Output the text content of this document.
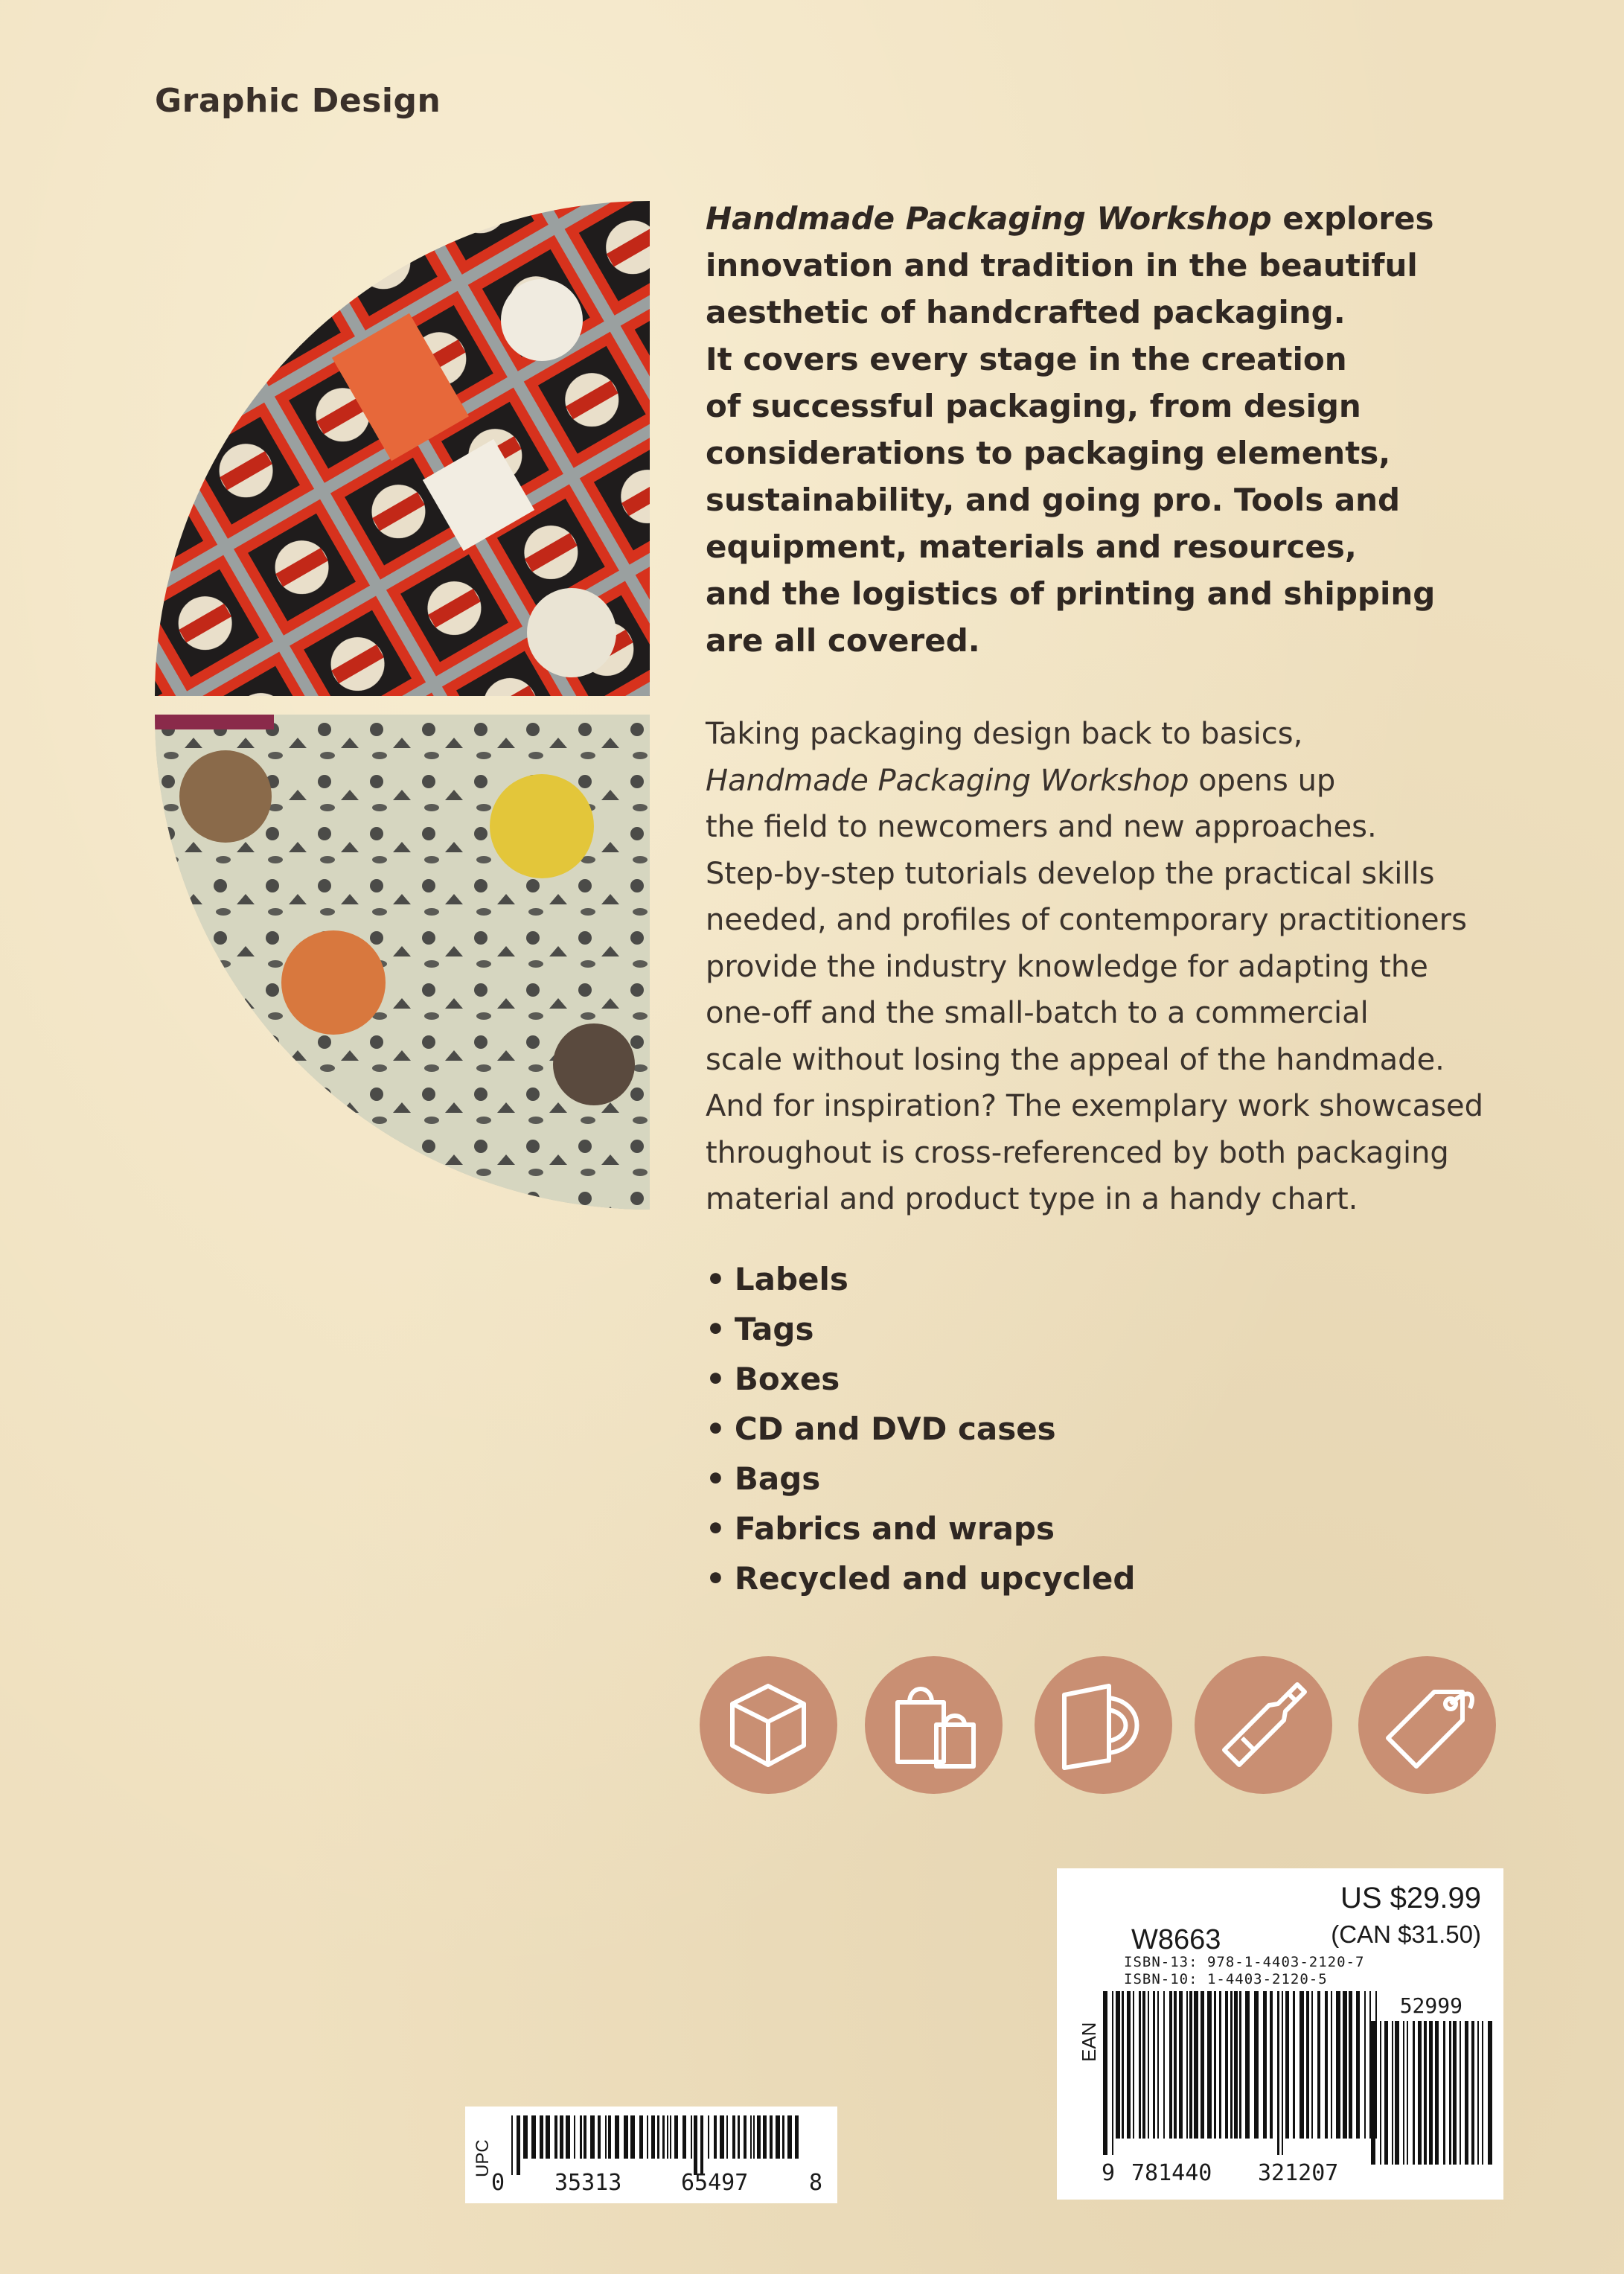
Graphic Design
Handmade Packaging Workshop explores
innovation and tradition in the beautiful
aesthetic of handcrafted packaging.
It covers every stage in the creation
of successful packaging, from design
considerations to packaging elements,
sustainability, and going pro. Tools and
equipment, materials and resources,
and the logistics of printing and shipping
are all covered.
Taking packaging design back to basics,
Handmade Packaging Workshop opens up
the field to newcomers and new approaches.
Step-by-step tutorials develop the practical skills
needed, and profiles of contemporary practitioners
provide the industry knowledge for adapting the
one-off and the small-batch to a commercial
scale without losing the appeal of the handmade.
And for inspiration? The exemplary work showcased
throughout is cross-referenced by both packaging
material and product type in a handy chart.
• Labels
• Tags
• Boxes
• CD and DVD cases
• Bags
• Fabrics and wraps
• Recycled and upcycled
US $29.99
W8663	(CAN $31.50)
ISBN-13: 978-1-4403-2120-7
ISBN-10: 1-4403-2120-5
EAN
52999
9 781440 321207
UPC
0 35313	65497	8
